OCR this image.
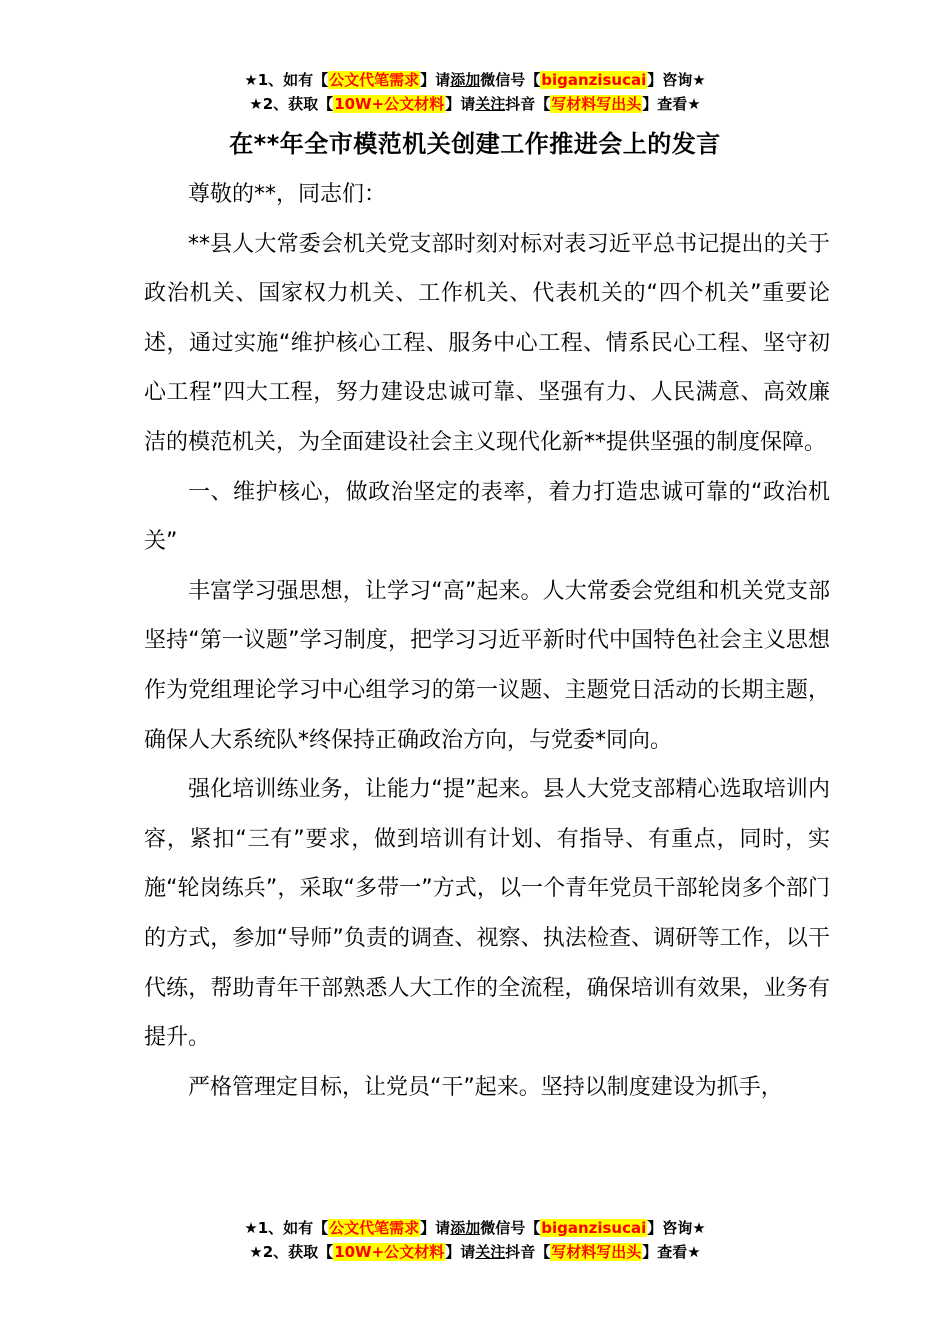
★1、如有【公文代笔需求】请添加微信号【biganzisucai】咨询★
★2、获取【10W+公文材料】请关注抖音【写材料写出头】查看★
在**年全市模范机关创建工作推进会上的发言

尊敬的**，同志们：

**县人大常委会机关党支部时刻对标对表习近平总书记提出的关于政治机关、国家权力机关、工作机关、代表机关的“四个机关”重要论述，通过实施“维护核心工程、服务中心工程、情系民心工程、坚守初心工程”四大工程，努力建设忠诚可靠、坚强有力、人民满意、高效廉洁的模范机关，为全面建设社会主义现代化新**提供坚强的制度保障。

一、维护核心，做政治坚定的表率，着力打造忠诚可靠的“政治机关”

丰富学习强思想，让学习“高”起来。人大常委会党组和机关党支部坚持“第一议题”学习制度，把学习习近平新时代中国特色社会主义思想作为党组理论学习中心组学习的第一议题、主题党日活动的长期主题，确保人大系统队*终保持正确政治方向，与党委*同向。

强化培训练业务，让能力“提”起来。县人大党支部精心选取培训内容，紧扣“三有”要求，做到培训有计划、有指导、有重点，同时，实施“轮岗练兵”，采取“多带一”方式，以一个青年党员干部轮岗多个部门的方式，参加“导师”负责的调查、视察、执法检查、调研等工作，以干代练，帮助青年干部熟悉人大工作的全流程，确保培训有效果，业务有提升。

严格管理定目标，让党员“干”起来。坚持以制度建设为抓手，

★1、如有【公文代笔需求】请添加微信号【biganzisucai】咨询★
★2、获取【10W+公文材料】请关注抖音【写材料写出头】查看★
